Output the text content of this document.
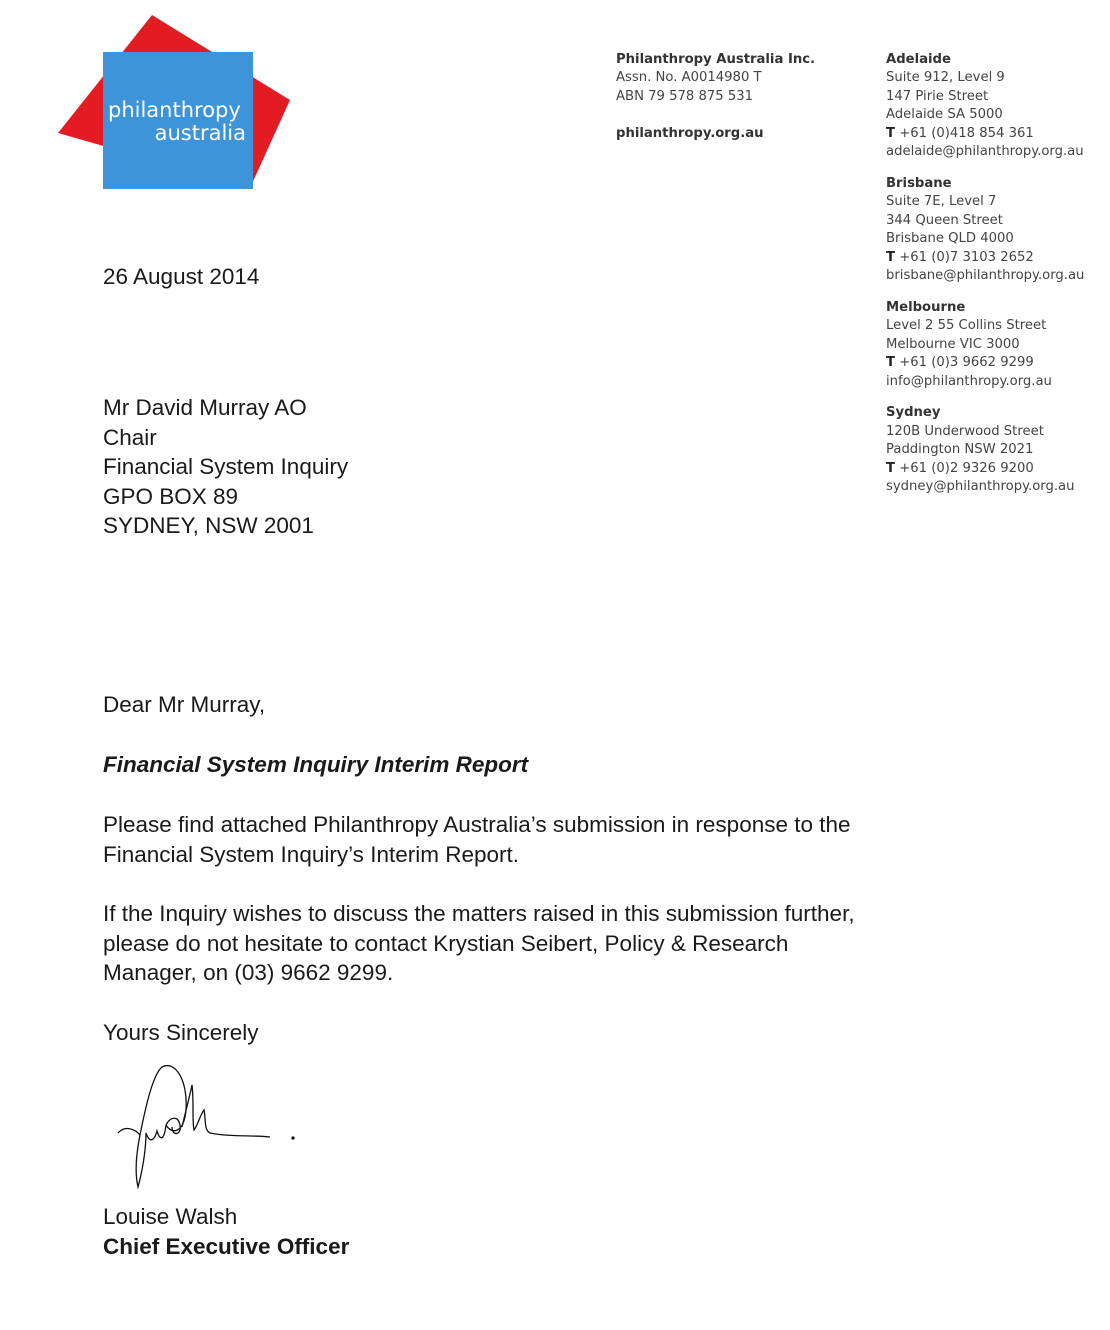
philanthropy
australia
Philanthropy Australia Inc.
Assn. No. A0014980 T
ABN 79 578 875 531
philanthropy.org.au
Adelaide
Suite 912, Level 9
147 Pirie Street
Adelaide SA 5000
T +61 (0)418 854 361
adelaide@philanthropy.org.au
Brisbane
Suite 7E, Level 7
344 Queen Street
Brisbane QLD 4000
T +61 (0)7 3103 2652
brisbane@philanthropy.org.au
Melbourne
Level 2 55 Collins Street
Melbourne VIC 3000
T +61 (0)3 9662 9299
info@philanthropy.org.au
Sydney
120B Underwood Street
Paddington NSW 2021
T +61 (0)2 9326 9200
sydney@philanthropy.org.au

26 August 2014

Mr David Murray AO
Chair
Financial System Inquiry
GPO BOX 89
SYDNEY, NSW 2001

Dear Mr Murray,

Financial System Inquiry Interim Report

Please find attached Philanthropy Australia’s submission in response to the Financial System Inquiry’s Interim Report.

If the Inquiry wishes to discuss the matters raised in this submission further, please do not hesitate to contact Krystian Seibert, Policy & Research Manager, on (03) 9662 9299.

Yours Sincerely

Louise Walsh
Chief Executive Officer
